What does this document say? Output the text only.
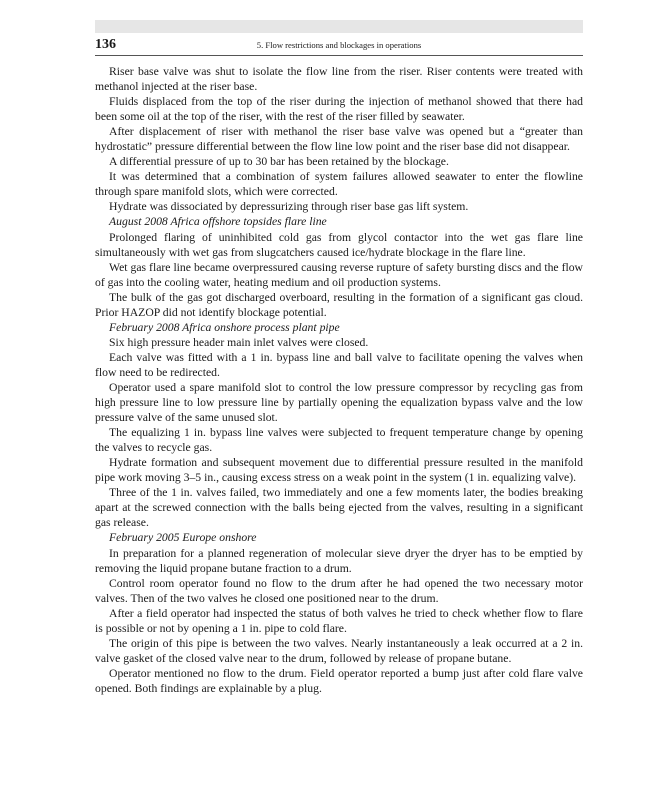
136	5. Flow restrictions and blockages in operations

Riser base valve was shut to isolate the flow line from the riser. Riser contents were treated with methanol injected at the riser base.

Fluids displaced from the top of the riser during the injection of methanol showed that there had been some oil at the top of the riser, with the rest of the riser filled by seawater.

After displacement of riser with methanol the riser base valve was opened but a “greater than hydrostatic” pressure differential between the flow line low point and the riser base did not disappear.

A differential pressure of up to 30 bar has been retained by the blockage.

It was determined that a combination of system failures allowed seawater to enter the flowline through spare manifold slots, which were corrected.

Hydrate was dissociated by depressurizing through riser base gas lift system.

August 2008 Africa offshore topsides flare line

Prolonged flaring of uninhibited cold gas from glycol contactor into the wet gas flare line simultaneously with wet gas from slugcatchers caused ice/hydrate blockage in the flare line.

Wet gas flare line became overpressured causing reverse rupture of safety bursting discs and the flow of gas into the cooling water, heating medium and oil production systems.

The bulk of the gas got discharged overboard, resulting in the formation of a significant gas cloud. Prior HAZOP did not identify blockage potential.

February 2008 Africa onshore process plant pipe

Six high pressure header main inlet valves were closed.

Each valve was fitted with a 1 in. bypass line and ball valve to facilitate opening the valves when flow need to be redirected.

Operator used a spare manifold slot to control the low pressure compressor by recycling gas from high pressure line to low pressure line by partially opening the equalization bypass valve and the low pressure valve of the same unused slot.

The equalizing 1 in. bypass line valves were subjected to frequent temperature change by opening the valves to recycle gas.

Hydrate formation and subsequent movement due to differential pressure resulted in the manifold pipe work moving 3–5 in., causing excess stress on a weak point in the system (1 in. equalizing valve).

Three of the 1 in. valves failed, two immediately and one a few moments later, the bodies breaking apart at the screwed connection with the balls being ejected from the valves, resulting in a significant gas release.

February 2005 Europe onshore

In preparation for a planned regeneration of molecular sieve dryer the dryer has to be emptied by removing the liquid propane butane fraction to a drum.

Control room operator found no flow to the drum after he had opened the two necessary motor valves. Then of the two valves he closed one positioned near to the drum.

After a field operator had inspected the status of both valves he tried to check whether flow to flare is possible or not by opening a 1 in. pipe to cold flare.

The origin of this pipe is between the two valves. Nearly instantaneously a leak occurred at a 2 in. valve gasket of the closed valve near to the drum, followed by release of propane butane.

Operator mentioned no flow to the drum. Field operator reported a bump just after cold flare valve opened. Both findings are explainable by a plug.
